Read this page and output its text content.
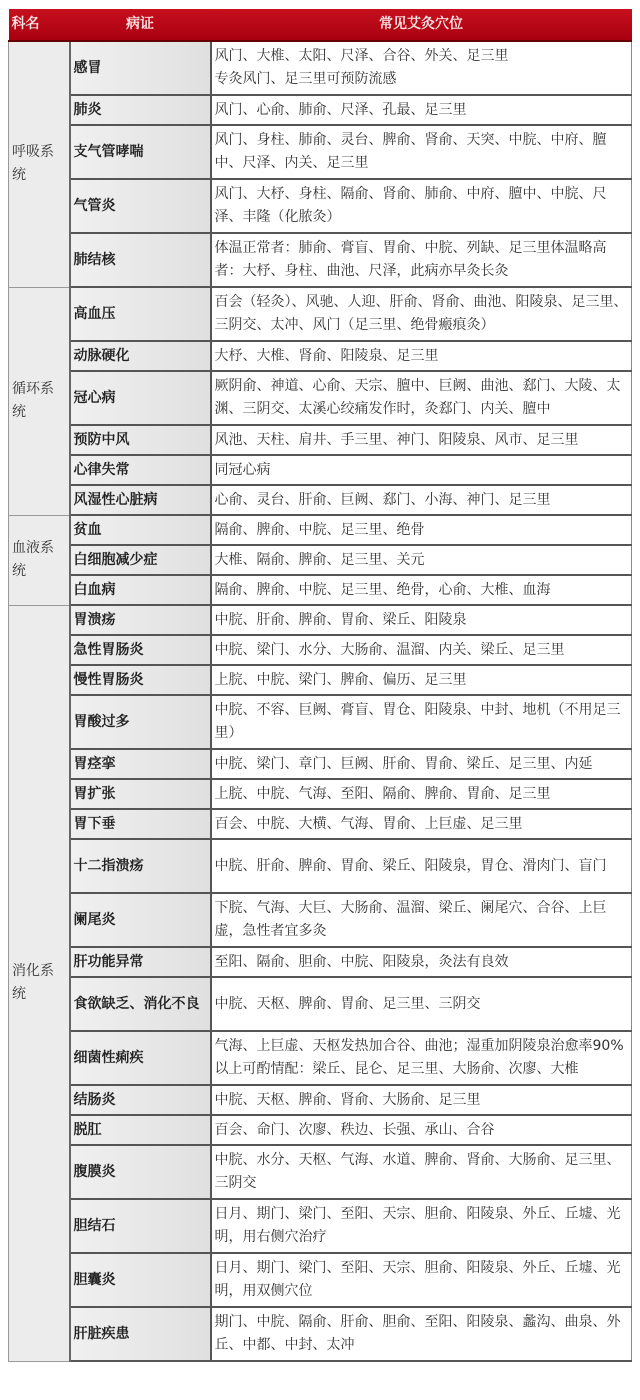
科名	病证	常见艾灸穴位
呼吸系统	感冒	风门、大椎、太阳、尺泽、合谷、外关、足三里
专灸风门、足三里可预防流感
	肺炎	风门、心俞、肺俞、尺泽、孔最、足三里
	支气管哮喘	风门、身柱、肺俞、灵台、脾俞、肾俞、天突、中脘、中府、膻中、尺泽、内关、足三里
	气管炎	风门、大杼、身柱、隔俞、肾俞、肺俞、中府、膻中、中脘、尺泽、丰隆（化脓灸）
	肺结核	体温正常者：肺俞、膏盲、胃俞、中脘、列缺、足三里体温略高者：大杼、身柱、曲池、尺泽，此病亦早灸长灸
循环系统	高血压	百会（轻灸）、风驰、人迎、肝俞、肾俞、曲池、阳陵泉、足三里、三阴交、太冲、风门（足三里、绝骨瘢痕灸）
	动脉硬化	大杼、大椎、肾俞、阳陵泉、足三里
	冠心病	厥阴俞、神道、心俞、天宗、膻中、巨阙、曲池、郄门、大陵、太渊、三阴交、太溪心绞痛发作时，灸郄门、内关、膻中
	预防中风	风池、天柱、肩井、手三里、神门、阳陵泉、风市、足三里
	心律失常	同冠心病
	风湿性心脏病	心俞、灵台、肝俞、巨阙、郄门、小海、神门、足三里
血液系统	贫血	隔俞、脾俞、中脘、足三里、绝骨
	白细胞减少症	大椎、隔俞、脾俞、足三里、关元
	白血病	隔俞、脾俞、中脘、足三里、绝骨，心俞、大椎、血海
消化系统	胃溃疡	中脘、肝俞、脾俞、胃俞、梁丘、阳陵泉
	急性胃肠炎	中脘、梁门、水分、大肠俞、温溜、内关、梁丘、足三里
	慢性胃肠炎	上脘、中脘、梁门、脾俞、偏历、足三里
	胃酸过多	中脘、不容、巨阙、膏盲、胃仓、阳陵泉、中封、地机（不用足三里）
	胃痉挛	中脘、梁门、章门、巨阙、肝俞、胃俞、梁丘、足三里、内延
	胃扩张	上脘、中脘、气海、至阳、隔俞、脾俞、胃俞、足三里
	胃下垂	百会、中脘、大横、气海、胃俞、上巨虚、足三里
	十二指溃疡	中脘、肝俞、脾俞、胃俞、梁丘、阳陵泉，胃仓、滑肉门、盲门
	阑尾炎	下脘、气海、大巨、大肠俞、温溜、梁丘、阑尾穴、合谷、上巨虚，急性者宜多灸
	肝功能异常	至阳、隔俞、胆俞、中脘、阳陵泉，灸法有良效
	食欲缺乏、消化不良	中脘、天枢、脾俞、胃俞、足三里、三阴交
	细菌性痢疾	气海、上巨虚、天枢发热加合谷、曲池；湿重加阴陵泉治愈率90%以上可酌情配：梁丘、昆仑、足三里、大肠俞、次廖、大椎
	结肠炎	中脘、天枢、脾俞、肾俞、大肠俞、足三里
	脱肛	百会、命门、次廖、秩边、长强、承山、合谷
	腹膜炎	中脘、水分、天枢、气海、水道、脾俞、肾俞、大肠俞、足三里、三阴交
	胆结石	日月、期门、梁门、至阳、天宗、胆俞、阳陵泉、外丘、丘墟、光明，用右侧穴治疗
	胆囊炎	日月、期门、梁门、至阳、天宗、胆俞、阳陵泉、外丘、丘墟、光明，用双侧穴位
	肝脏疾患	期门、中脘、隔俞、肝俞、胆俞、至阳、阳陵泉、蠡沟、曲泉、外丘、中都、中封、太冲
